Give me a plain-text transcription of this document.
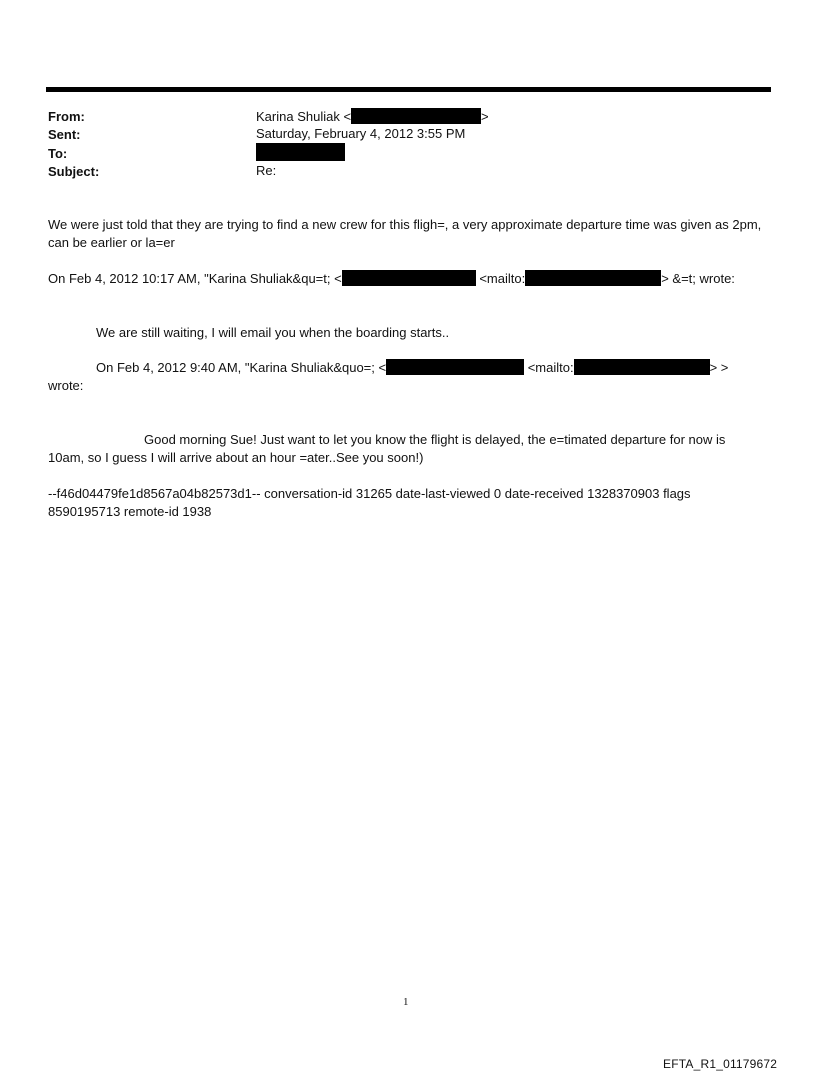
From:	Karina Shuliak <	>
Sent:	Saturday, February 4, 2012 3:55 PM
To:
Subject:	Re:
We were just told that they are trying to find a new crew for this fligh=, a very approximate departure time was given as 2pm, can be earlier or la=er
On Feb 4, 2012 10:17 AM, "Karina Shuliak&qu=t; <	<mailto:	> &=t; wrote:
We are still waiting, I will email you when the boarding starts..
On Feb 4, 2012 9:40 AM, "Karina Shuliak&quo=; <	<mailto:	> >
wrote:
Good morning Sue! Just want to let you know the flight is delayed, the e=timated departure for now is
10am, so I guess I will arrive about an hour =ater..See you soon!)
--f46d04479fe1d8567a04b82573d1-- conversation-id 31265 date-last-viewed 0 date-received 1328370903 flags
8590195713 remote-id 1938
1
EFTA_R1_01179672
